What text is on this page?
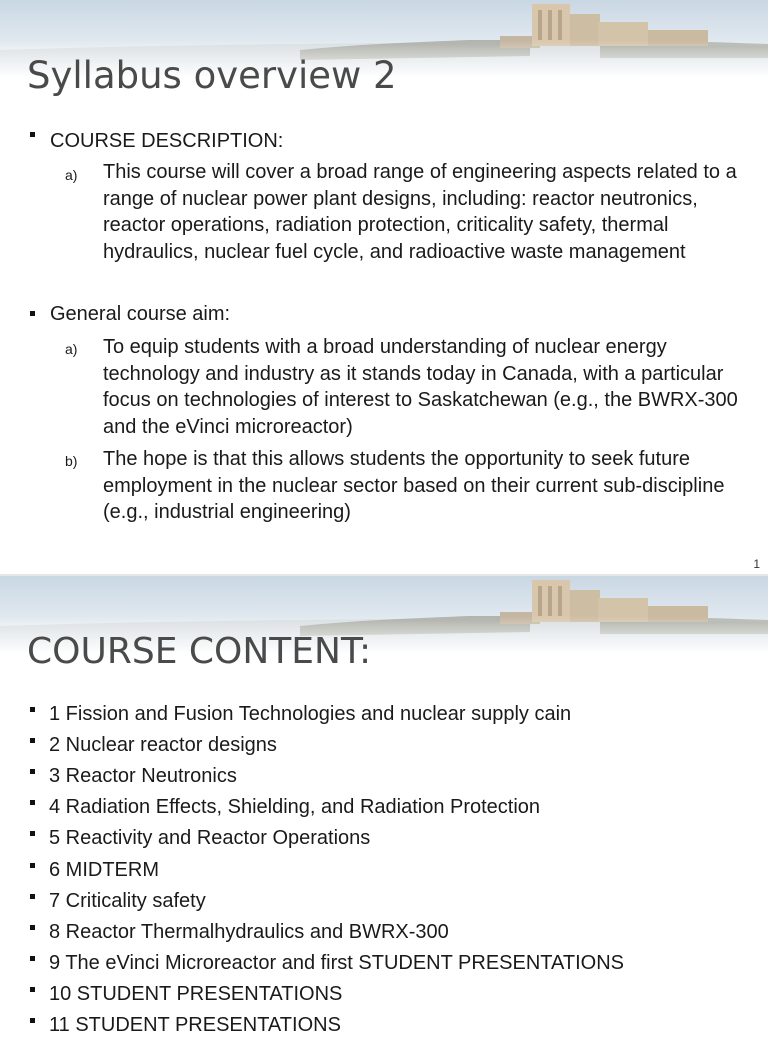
Syllabus overview 2
COURSE DESCRIPTION:
a) This course will cover a broad range of engineering aspects related to a range of nuclear power plant designs, including: reactor neutronics, reactor operations, radiation protection, criticality safety, thermal hydraulics, nuclear fuel cycle, and radioactive waste management
General course aim:
a) To equip students with a broad understanding of nuclear energy technology and industry as it stands today in Canada, with a particular focus on technologies of interest to Saskatchewan (e.g., the BWRX-300 and the eVinci microreactor)
b) The hope is that this allows students the opportunity to seek future employment in the nuclear sector based on their current sub-discipline (e.g., industrial engineering)
1
COURSE CONTENT:
1 Fission and Fusion Technologies and nuclear supply cain
2 Nuclear reactor designs
3 Reactor Neutronics
4 Radiation Effects, Shielding, and Radiation Protection
5 Reactivity and Reactor Operations
6 MIDTERM
7 Criticality safety
8 Reactor Thermalhydraulics and BWRX-300
9 The eVinci Microreactor and first STUDENT PRESENTATIONS
10 STUDENT PRESENTATIONS
11 STUDENT PRESENTATIONS
